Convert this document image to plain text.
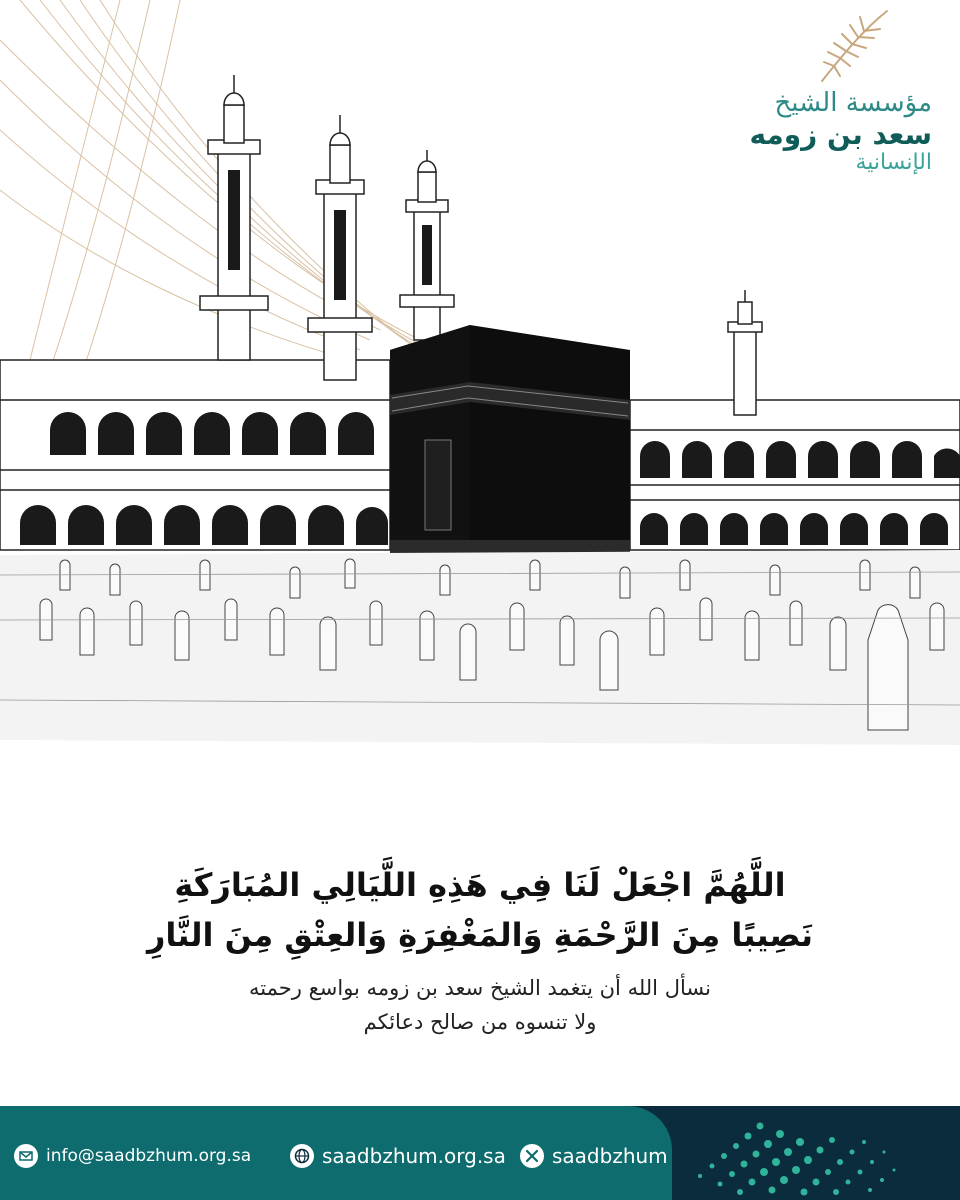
مؤسسة الشيخ
سعد بن زومه
الإنسانية
اللَّهُمَّ اجْعَلْ لَنَا فِي هَذِهِ اللَّيَالِي المُبَارَكَةِ
نَصِيبًا مِنَ الرَّحْمَةِ وَالمَغْفِرَةِ وَالعِتْقِ مِنَ النَّارِ
نسأل الله أن يتغمد الشيخ سعد بن زومه بواسع رحمته
ولا تنسوه من صالح دعائكم
info@saadbzhum.org.sa	saadbzhum.org.sa saadbzhum
